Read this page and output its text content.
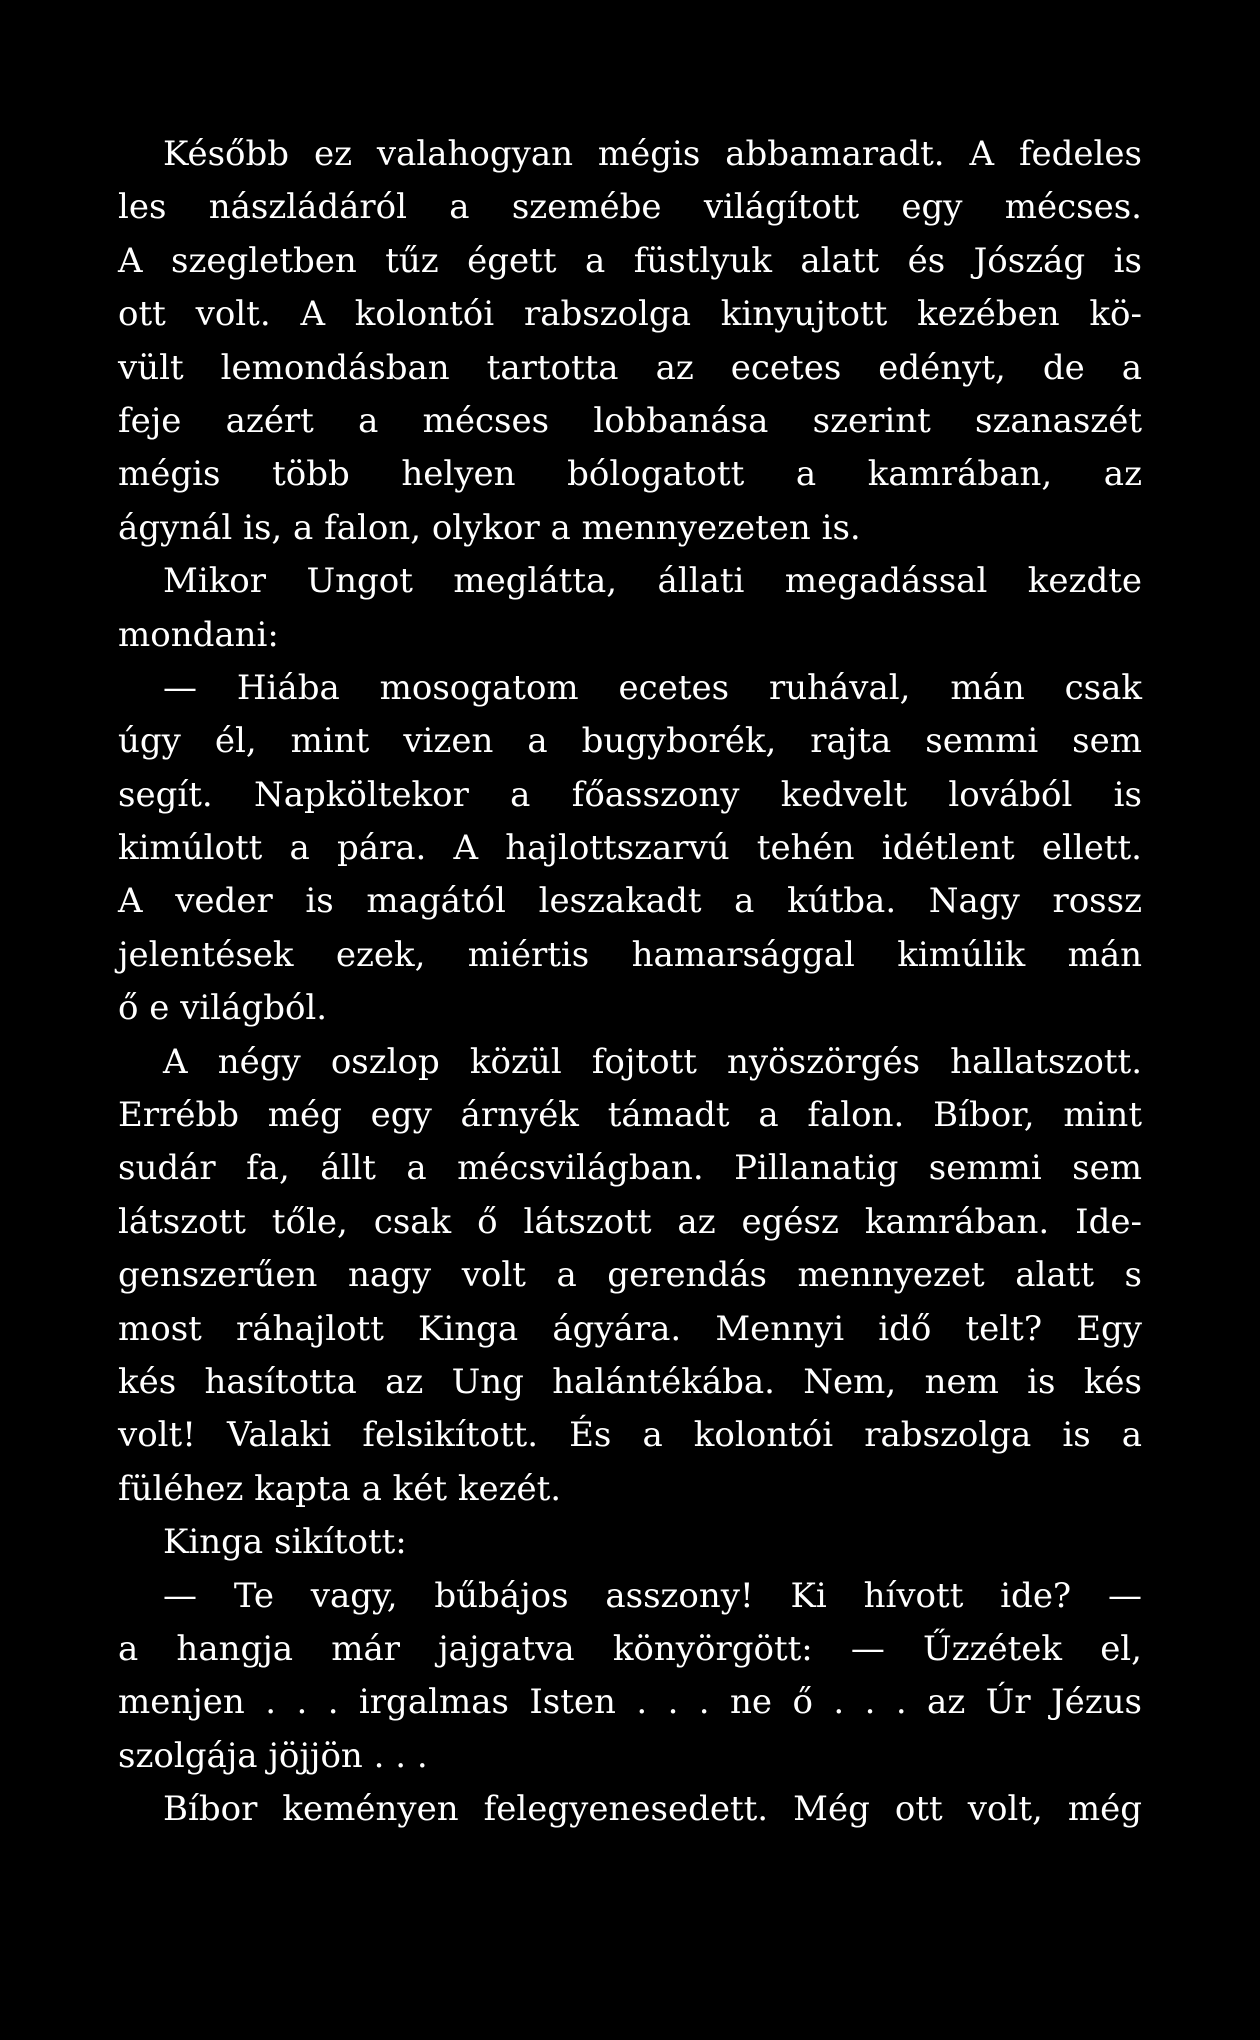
Később ez valahogyan mégis abbamaradt. A fedeles
les nászládáról a szemébe világított egy mécses.
A szegletben tűz égett a füstlyuk alatt és Jószág is
ott volt. A kolontói rabszolga kinyujtott kezében kö-
vült lemondásban tartotta az ecetes edényt, de a
feje azért a mécses lobbanása szerint szanaszét
mégis több helyen bólogatott a kamrában, az
ágynál is, a falon, olykor a mennyezeten is.
Mikor Ungot meglátta, állati megadással kezdte
mondani:
— Hiába mosogatom ecetes ruhával, mán csak
úgy él, mint vizen a bugyborék, rajta semmi sem
segít. Napköltekor a főasszony kedvelt lovából is
kimúlott a pára. A hajlottszarvú tehén idétlent ellett.
A veder is magától leszakadt a kútba. Nagy rossz
jelentések ezek, miértis hamarsággal kimúlik mán
ő e világból.
A négy oszlop közül fojtott nyöszörgés hallatszott.
Errébb még egy árnyék támadt a falon. Bíbor, mint
sudár fa, állt a mécsvilágban. Pillanatig semmi sem
látszott tőle, csak ő látszott az egész kamrában. Ide-
genszerűen nagy volt a gerendás mennyezet alatt s
most ráhajlott Kinga ágyára. Mennyi idő telt? Egy
kés hasította az Ung halántékába. Nem, nem is kés
volt! Valaki felsikított. És a kolontói rabszolga is a
füléhez kapta a két kezét.
Kinga sikított:
— Te vagy, bűbájos asszony! Ki hívott ide? —
a hangja már jajgatva könyörgött: — Űzzétek el,
menjen . . . irgalmas Isten . . . ne ő . . . az Úr Jézus
szolgája jöjjön . . .
Bíbor keményen felegyenesedett. Még ott volt, még
